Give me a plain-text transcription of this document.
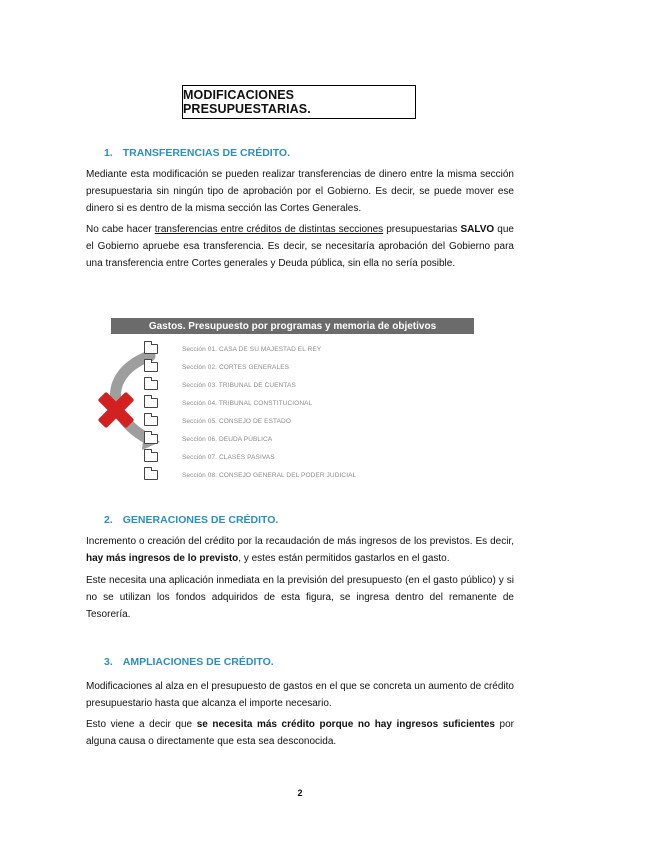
MODIFICACIONES PRESUPUESTARIAS.
1. TRANSFERENCIAS DE CRÉDITO.

Mediante esta modificación se pueden realizar transferencias de dinero entre la misma sección presupuestaria sin ningún tipo de aprobación por el Gobierno. Es decir, se puede mover ese dinero si es dentro de la misma sección las Cortes Generales.

No cabe hacer transferencias entre créditos de distintas secciones presupuestarias SALVO que el Gobierno apruebe esa transferencia. Es decir, se necesitaría aprobación del Gobierno para una transferencia entre Cortes generales y Deuda pública, sin ella no sería posible.

Gastos. Presupuesto por programas y memoria de objetivos
Sección 01. CASA DE SU MAJESTAD EL REY
Sección 02. CORTES GENERALES
Sección 03. TRIBUNAL DE CUENTAS
Sección 04. TRIBUNAL CONSTITUCIONAL
Sección 05. CONSEJO DE ESTADO
Sección 06. DEUDA PÚBLICA
Sección 07. CLASES PASIVAS
Sección 08. CONSEJO GENERAL DEL PODER JUDICIAL
2. GENERACIONES DE CRÉDITO.

Incremento o creación del crédito por la recaudación de más ingresos de los previstos. Es decir, hay más ingresos de lo previsto, y estes están permitidos gastarlos en el gasto.

Este necesita una aplicación inmediata en la previsión del presupuesto (en el gasto público) y si no se utilizan los fondos adquiridos de esta figura, se ingresa dentro del remanente de Tesorería.

3. AMPLIACIONES DE CRÉDITO.

Modificaciones al alza en el presupuesto de gastos en el que se concreta un aumento de crédito presupuestario hasta que alcanza el importe necesario.

Esto viene a decir que se necesita más crédito porque no hay ingresos suficientes por alguna causa o directamente que esta sea desconocida.

2
